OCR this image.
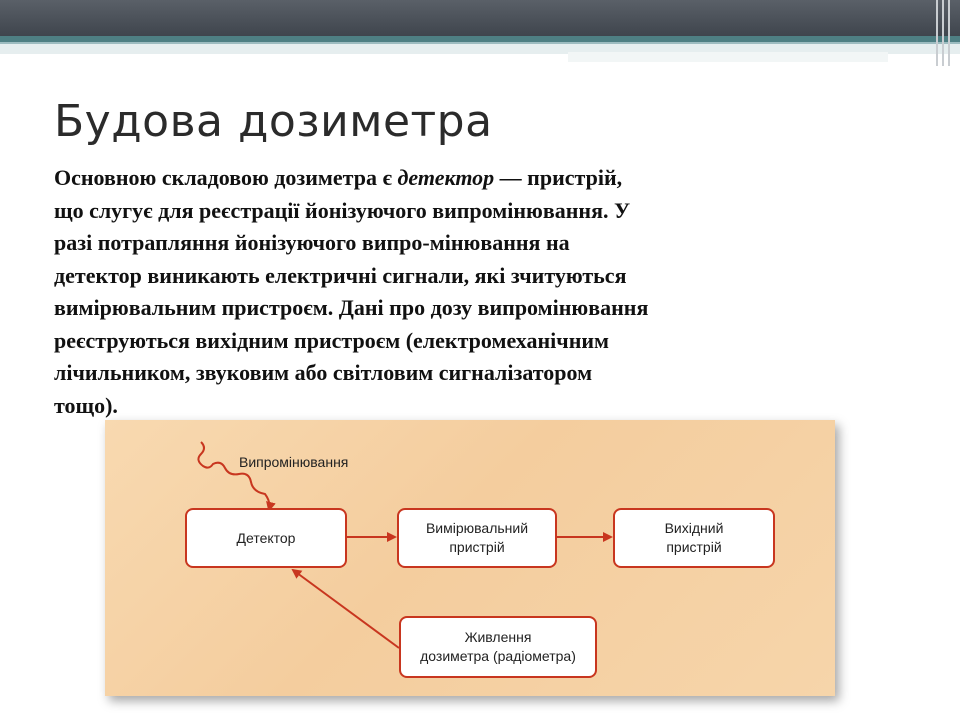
Будова дозиметра

Основною складовою дозиметра є детектор — пристрій,
що слугує для реєстрації йонізуючого випромінювання. У
разі потрапляння йонізуючого випро-мінювання на
детектор виникають електричні сигнали, які зчитуються
вимірювальним пристроєм. Дані про дозу випромінювання
реєструються вихідним пристроєм (електромеханічним
лічильником, звуковим або світловим сигналізатором
тощо).

Випромінювання
Детектор
Вимірювальний
пристрій
Вихідний
пристрій
Живлення
дозиметра (радіометра)
